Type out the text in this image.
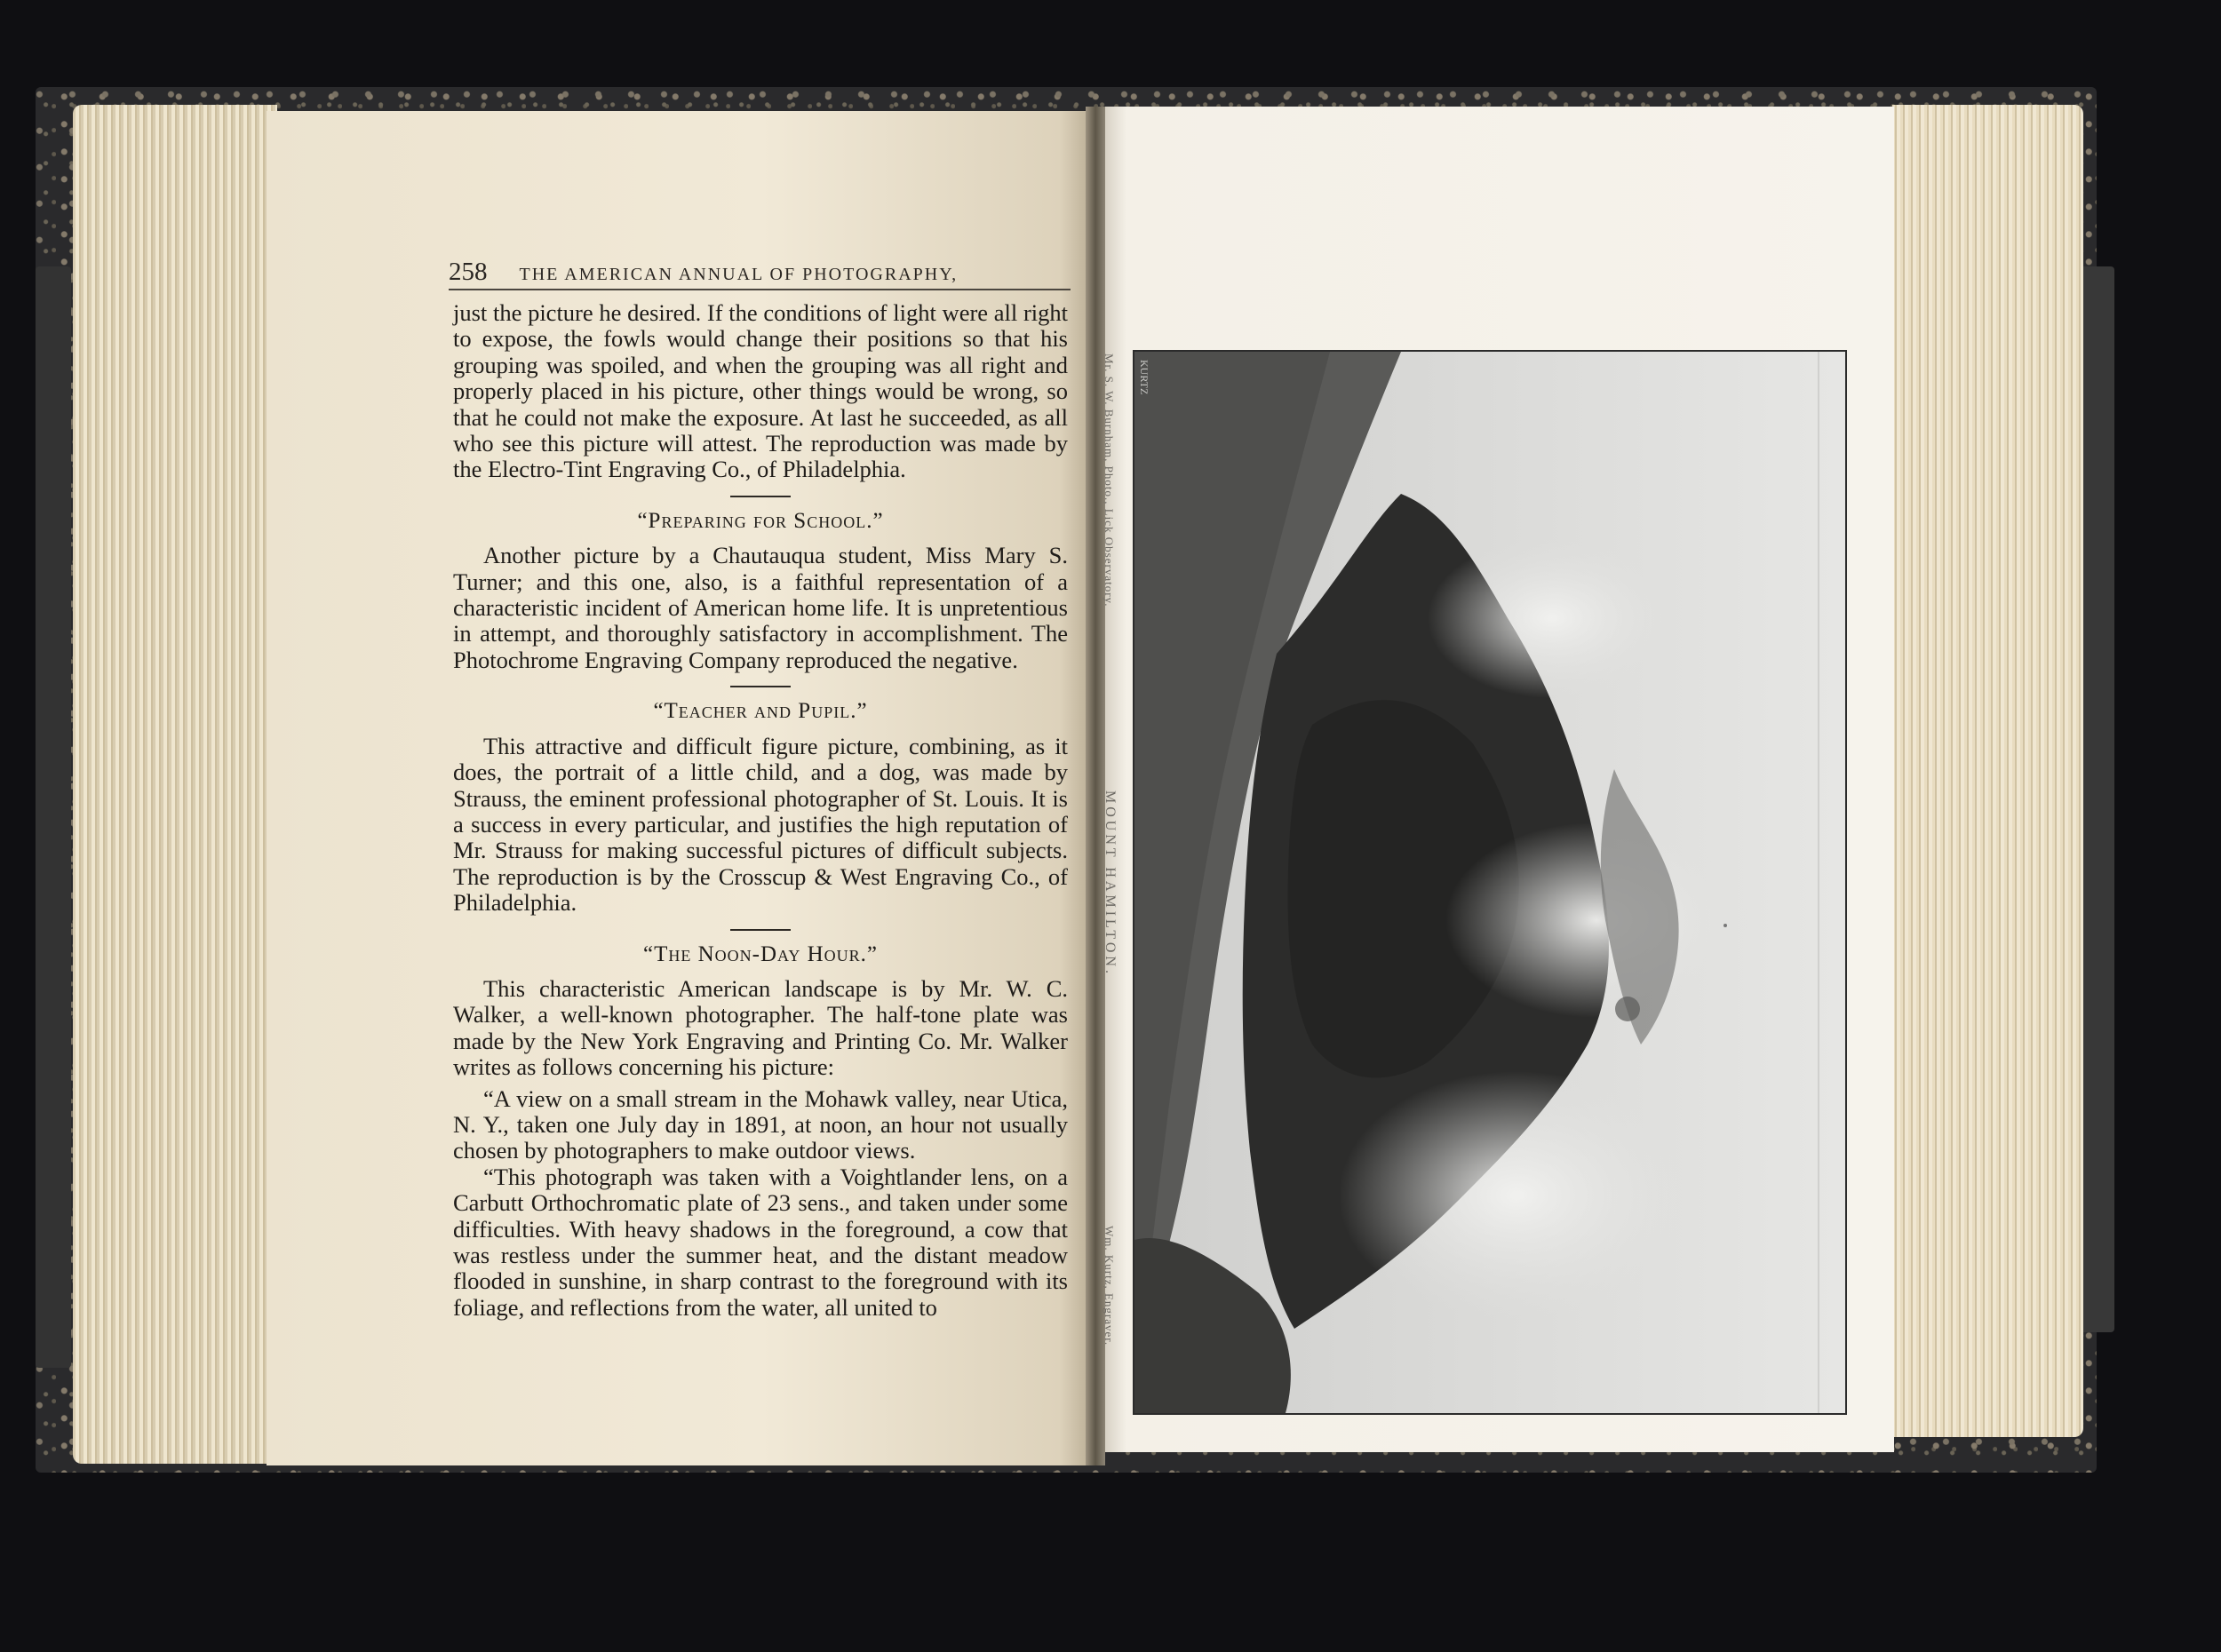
258 THE AMERICAN ANNUAL OF PHOTOGRAPHY,

just the picture he desired. If the conditions of light were all right to expose, the fowls would change their positions so that his grouping was spoiled, and when the grouping was all right and properly placed in his picture, other things would be wrong, so that he could not make the exposure. At last he succeeded, as all who see this picture will attest. The reproduction was made by the Electro-Tint Engraving Co., of Philadelphia.

“Preparing for School.”

Another picture by a Chautauqua student, Miss Mary S. Turner; and this one, also, is a faithful representation of a characteristic incident of American home life. It is unpretentious in attempt, and thoroughly satisfactory in accomplishment. The Photochrome Engraving Company reproduced the negative.

“Teacher and Pupil.”

This attractive and difficult figure picture, combining, as it does, the portrait of a little child, and a dog, was made by Strauss, the eminent professional photographer of St. Louis. It is a success in every particular, and justifies the high reputation of Mr. Strauss for making successful pictures of difficult subjects. The reproduction is by the Crosscup & West Engraving Co., of Philadelphia.

“The Noon-Day Hour.”

This characteristic American landscape is by Mr. W. C. Walker, a well-known photographer. The half-tone plate was made by the New York Engraving and Printing Co. Mr. Walker writes as follows concerning his picture:

“A view on a small stream in the Mohawk valley, near Utica, N. Y., taken one July day in 1891, at noon, an hour not usually chosen by photographers to make outdoor views.

“This photograph was taken with a Voightlander lens, on a Carbutt Orthochromatic plate of 23 sens., and taken under some difficulties. With heavy shadows in the foreground, a cow that was restless under the summer heat, and the distant meadow flooded in sunshine, in sharp contrast to the foreground with its foliage, and reflections from the water, all united to

Mr. S. W. Burnham, Photo., Lick Observatory.
MOUNT HAMILTON.
Wm. Kurtz, Engraver.
KURTZ
